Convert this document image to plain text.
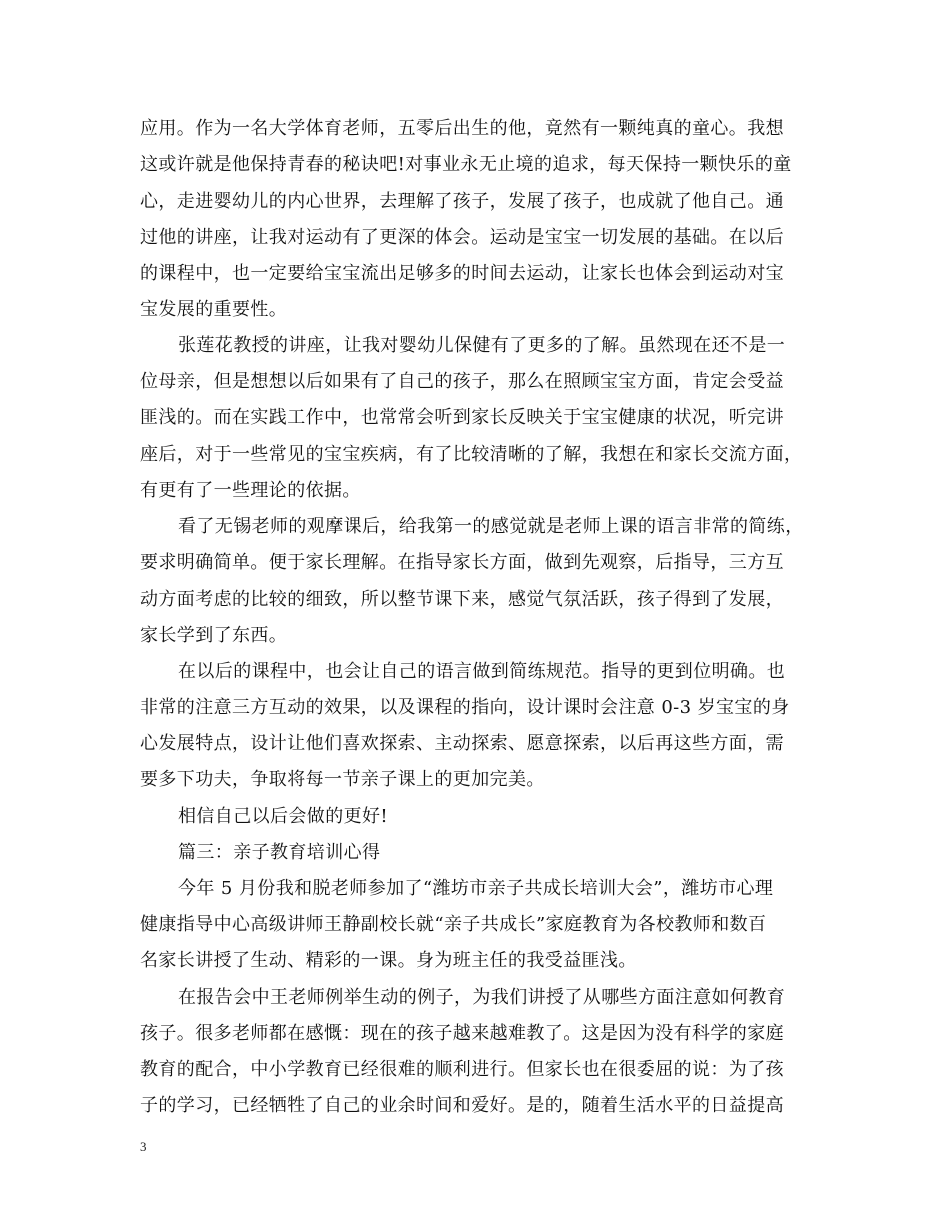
应用。作为一名大学体育老师，五零后出生的他，竟然有一颗纯真的童心。我想
这或许就是他保持青春的秘诀吧!对事业永无止境的追求，每天保持一颗快乐的童
心，走进婴幼儿的内心世界，去理解了孩子，发展了孩子，也成就了他自己。通
过他的讲座，让我对运动有了更深的体会。运动是宝宝一切发展的基础。在以后
的课程中，也一定要给宝宝流出足够多的时间去运动，让家长也体会到运动对宝
宝发展的重要性。
张莲花教授的讲座，让我对婴幼儿保健有了更多的了解。虽然现在还不是一
位母亲，但是想想以后如果有了自己的孩子，那么在照顾宝宝方面，肯定会受益
匪浅的。而在实践工作中，也常常会听到家长反映关于宝宝健康的状况，听完讲
座后，对于一些常见的宝宝疾病，有了比较清晰的了解，我想在和家长交流方面，
有更有了一些理论的依据。
看了无锡老师的观摩课后，给我第一的感觉就是老师上课的语言非常的简练，
要求明确简单。便于家长理解。在指导家长方面，做到先观察，后指导，三方互
动方面考虑的比较的细致，所以整节课下来，感觉气氛活跃，孩子得到了发展，
家长学到了东西。
在以后的课程中，也会让自己的语言做到简练规范。指导的更到位明确。也
非常的注意三方互动的效果，以及课程的指向，设计课时会注意 0-3 岁宝宝的身
心发展特点，设计让他们喜欢探索、主动探索、愿意探索，以后再这些方面，需
要多下功夫，争取将每一节亲子课上的更加完美。
相信自己以后会做的更好!
篇三：亲子教育培训心得
今年 5 月份我和脱老师参加了“潍坊市亲子共成长培训大会”，潍坊市心理
健康指导中心高级讲师王静副校长就“亲子共成长”家庭教育为各校教师和数百
名家长讲授了生动、精彩的一课。身为班主任的我受益匪浅。
在报告会中王老师例举生动的例子，为我们讲授了从哪些方面注意如何教育
孩子。很多老师都在感慨：现在的孩子越来越难教了。这是因为没有科学的家庭
教育的配合，中小学教育已经很难的顺利进行。但家长也在很委屈的说：为了孩
子的学习，已经牺牲了自己的业余时间和爱好。是的，随着生活水平的日益提高
3
